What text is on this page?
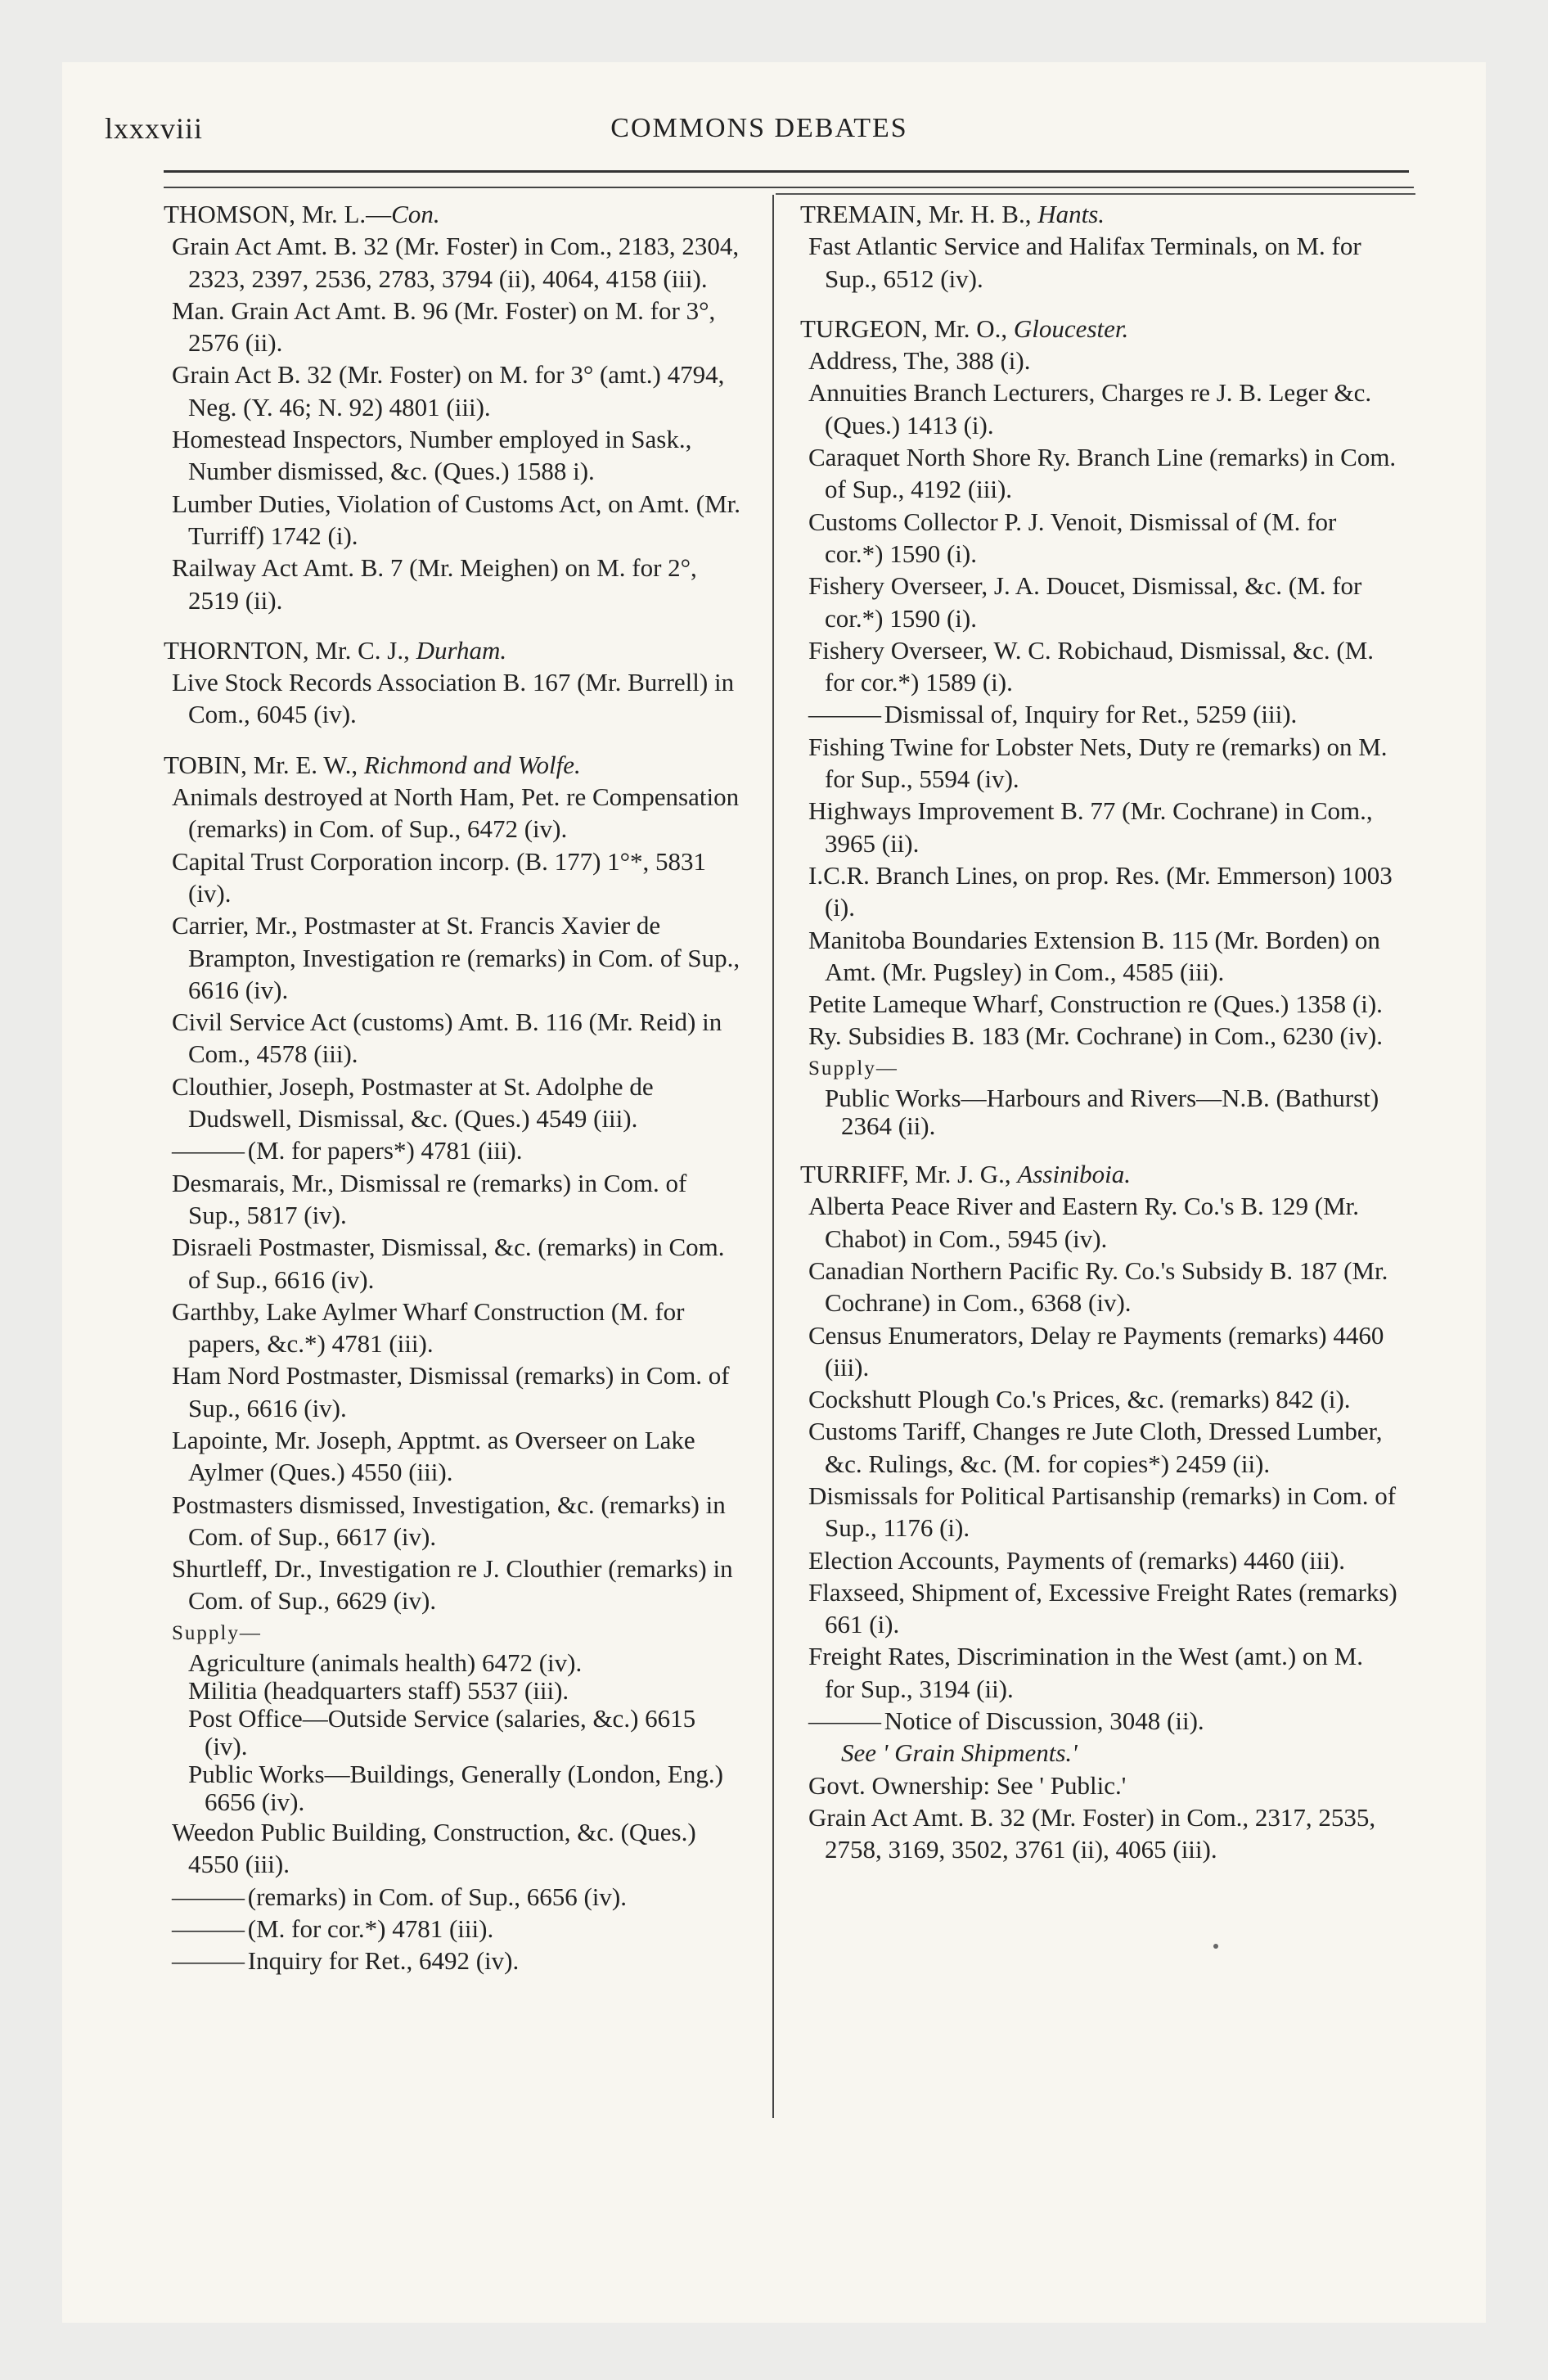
lxxxviii	COMMONS DEBATES
THOMSON, Mr. L.—Con.
Grain Act Amt. B. 32 (Mr. Foster) in Com., 2183, 2304, 2323, 2397, 2536, 2783, 3794 (ii), 4064, 4158 (iii).
Man. Grain Act Amt. B. 96 (Mr. Foster) on M. for 3°, 2576 (ii).
Grain Act B. 32 (Mr. Foster) on M. for 3° (amt.) 4794, Neg. (Y. 46; N. 92) 4801 (iii).
Homestead Inspectors, Number employed in Sask., Number dismissed, &c. (Ques.) 1588 i).
Lumber Duties, Violation of Customs Act, on Amt. (Mr. Turriff) 1742 (i).
Railway Act Amt. B. 7 (Mr. Meighen) on M. for 2°, 2519 (ii).
THORNTON, Mr. C. J., Durham.
Live Stock Records Association B. 167 (Mr. Burrell) in Com., 6045 (iv).
TOBIN, Mr. E. W., Richmond and Wolfe.
Animals destroyed at North Ham, Pet. re Compensation (remarks) in Com. of Sup., 6472 (iv).
Capital Trust Corporation incorp. (B. 177) 1°*, 5831 (iv).
Carrier, Mr., Postmaster at St. Francis Xavier de Brampton, Investigation re (remarks) in Com. of Sup., 6616 (iv).
Civil Service Act (customs) Amt. B. 116 (Mr. Reid) in Com., 4578 (iii).
Clouthier, Joseph, Postmaster at St. Adolphe de Dudswell, Dismissal, &c. (Ques.) 4549 (iii).
——— (M. for papers*) 4781 (iii).
Desmarais, Mr., Dismissal re (remarks) in Com. of Sup., 5817 (iv).
Disraeli Postmaster, Dismissal, &c. (remarks) in Com. of Sup., 6616 (iv).
Garthby, Lake Aylmer Wharf Construction (M. for papers, &c.*) 4781 (iii).
Ham Nord Postmaster, Dismissal (remarks) in Com. of Sup., 6616 (iv).
Lapointe, Mr. Joseph, Apptmt. as Overseer on Lake Aylmer (Ques.) 4550 (iii).
Postmasters dismissed, Investigation, &c. (remarks) in Com. of Sup., 6617 (iv).
Shurtleff, Dr., Investigation re J. Clouthier (remarks) in Com. of Sup., 6629 (iv).
Supply—
Agriculture (animals health) 6472 (iv).
Militia (headquarters staff) 5537 (iii).
Post Office—Outside Service (salaries, &c.) 6615 (iv).
Public Works—Buildings, Generally (London, Eng.) 6656 (iv).
Weedon Public Building, Construction, &c. (Ques.) 4550 (iii).
——— (remarks) in Com. of Sup., 6656 (iv).
——— (M. for cor.*) 4781 (iii).
——— Inquiry for Ret., 6492 (iv).
TREMAIN, Mr. H. B., Hants.
Fast Atlantic Service and Halifax Terminals, on M. for Sup., 6512 (iv).
TURGEON, Mr. O., Gloucester.
Address, The, 388 (i).
Annuities Branch Lecturers, Charges re J. B. Leger &c. (Ques.) 1413 (i).
Caraquet North Shore Ry. Branch Line (remarks) in Com. of Sup., 4192 (iii).
Customs Collector P. J. Venoit, Dismissal of (M. for cor.*) 1590 (i).
Fishery Overseer, J. A. Doucet, Dismissal, &c. (M. for cor.*) 1590 (i).
Fishery Overseer, W. C. Robichaud, Dismissal, &c. (M. for cor.*) 1589 (i).
——— Dismissal of, Inquiry for Ret., 5259 (iii).
Fishing Twine for Lobster Nets, Duty re (remarks) on M. for Sup., 5594 (iv).
Highways Improvement B. 77 (Mr. Cochrane) in Com., 3965 (ii).
I.C.R. Branch Lines, on prop. Res. (Mr. Emmerson) 1003 (i).
Manitoba Boundaries Extension B. 115 (Mr. Borden) on Amt. (Mr. Pugsley) in Com., 4585 (iii).
Petite Lameque Wharf, Construction re (Ques.) 1358 (i).
Ry. Subsidies B. 183 (Mr. Cochrane) in Com., 6230 (iv).
Supply—
Public Works—Harbours and Rivers—N.B. (Bathurst) 2364 (ii).
TURRIFF, Mr. J. G., Assiniboia.
Alberta Peace River and Eastern Ry. Co.'s B. 129 (Mr. Chabot) in Com., 5945 (iv).
Canadian Northern Pacific Ry. Co.'s Subsidy B. 187 (Mr. Cochrane) in Com., 6368 (iv).
Census Enumerators, Delay re Payments (remarks) 4460 (iii).
Cockshutt Plough Co.'s Prices, &c. (remarks) 842 (i).
Customs Tariff, Changes re Jute Cloth, Dressed Lumber, &c. Rulings, &c. (M. for copies*) 2459 (ii).
Dismissals for Political Partisanship (remarks) in Com. of Sup., 1176 (i).
Election Accounts, Payments of (remarks) 4460 (iii).
Flaxseed, Shipment of, Excessive Freight Rates (remarks) 661 (i).
Freight Rates, Discrimination in the West (amt.) on M. for Sup., 3194 (ii).
——— Notice of Discussion, 3048 (ii).
See ' Grain Shipments.'
Govt. Ownership: See ' Public.'
Grain Act Amt. B. 32 (Mr. Foster) in Com., 2317, 2535, 2758, 3169, 3502, 3761 (ii), 4065 (iii).
